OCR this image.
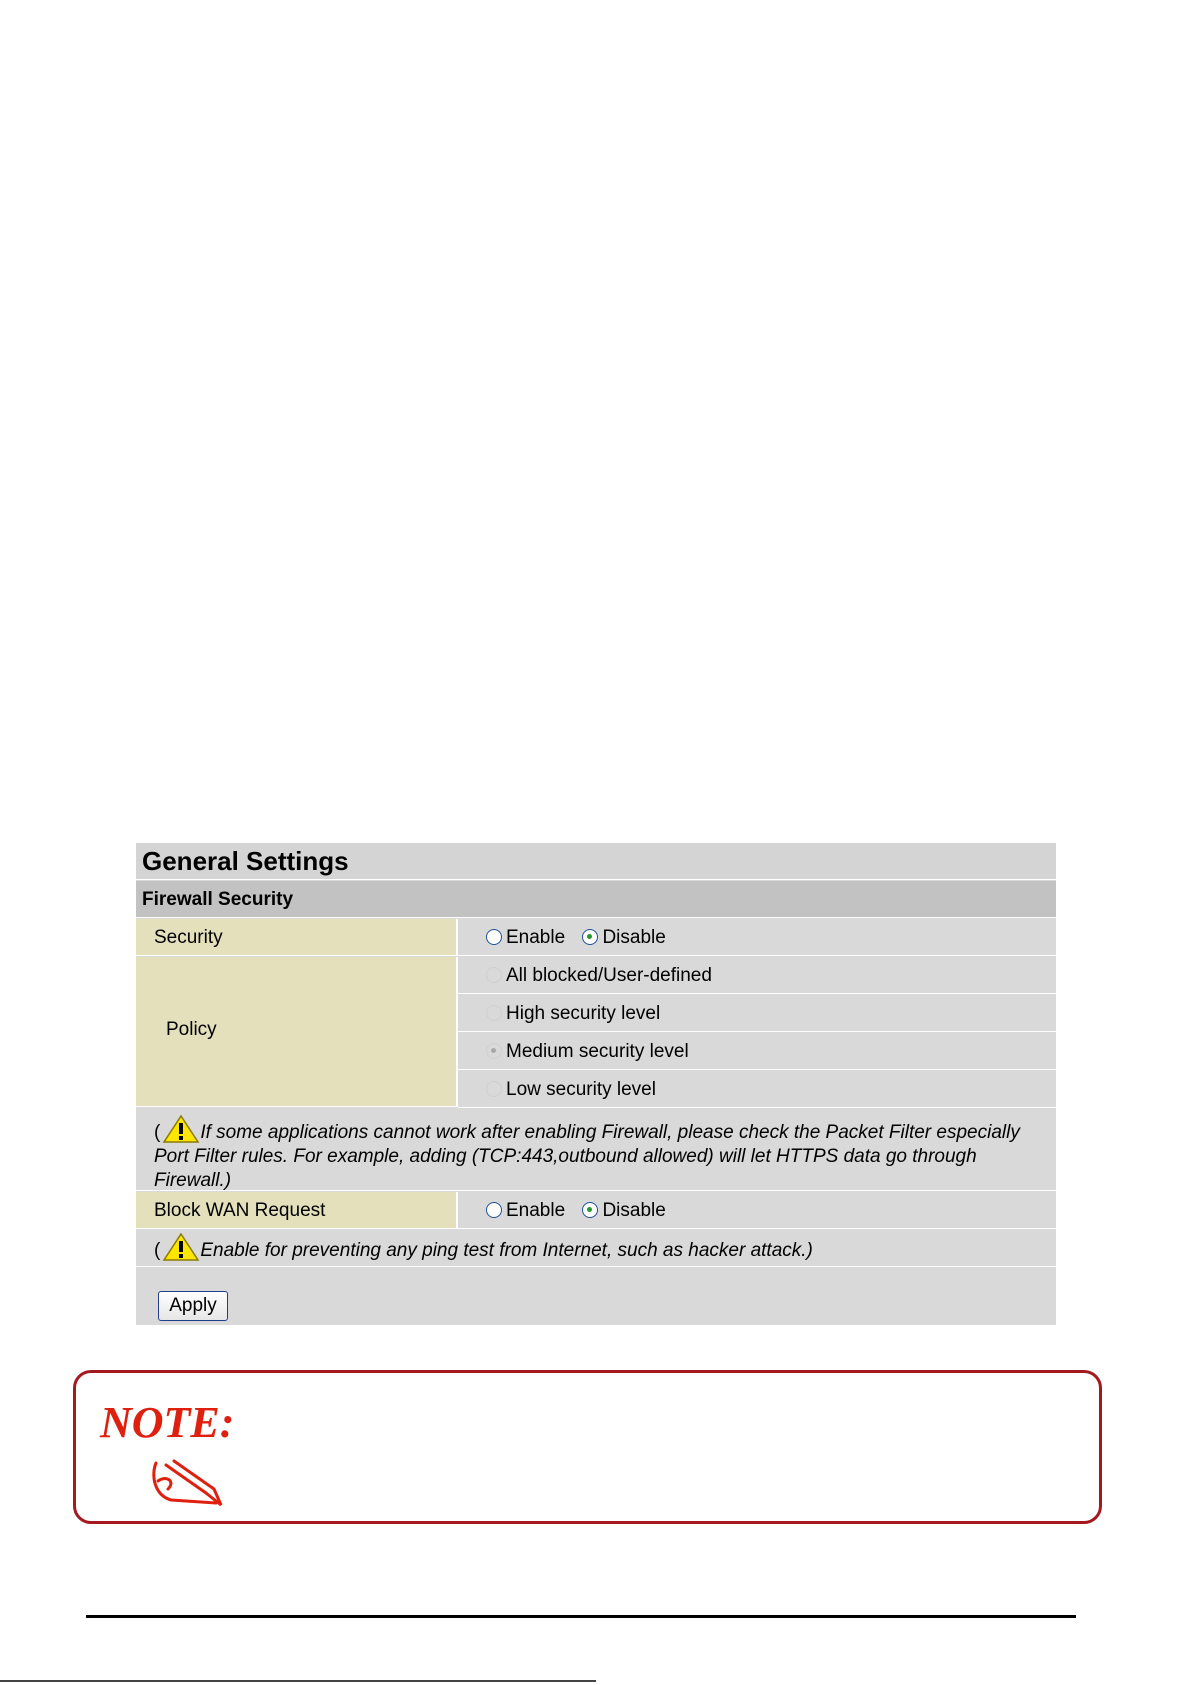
General Settings
Firewall Security
Security	Enable Disable
Policy
All blocked/User-defined
High security level
Medium security level
Low security level
( If some applications cannot work after enabling Firewall, please check the Packet Filter especially Port Filter rules. For example, adding (TCP:443,outbound allowed) will let HTTPS data go through Firewall.)
Block WAN Request	Enable Disable
( Enable for preventing any ping test from Internet, such as hacker attack.)
Apply
NOTE:
